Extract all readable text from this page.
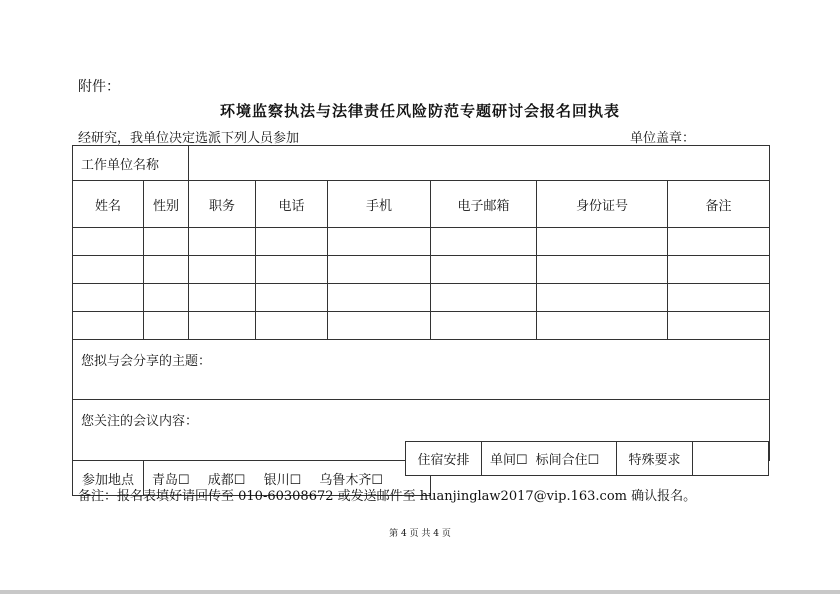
附件：
环境监察执法与法律责任风险防范专题研讨会报名回执表
经研究，我单位决定选派下列人员参加	单位盖章：
工作单位名称							
姓名	性别	职务	电话	手机	电子邮箱	身份证号	备注

您拟与会分享的主题：							
您关注的会议内容：							
参加地点	青岛☐ 成都☐ 银川☐ 乌鲁木齐☐					
住宿安排	单间☐ 标间合住☐	特殊要求
备注：报名表填好请回传至 010-60308672 或发送邮件至 huanjinglaw2017@vip.163.com 确认报名。
第 4 页 共 4 页
